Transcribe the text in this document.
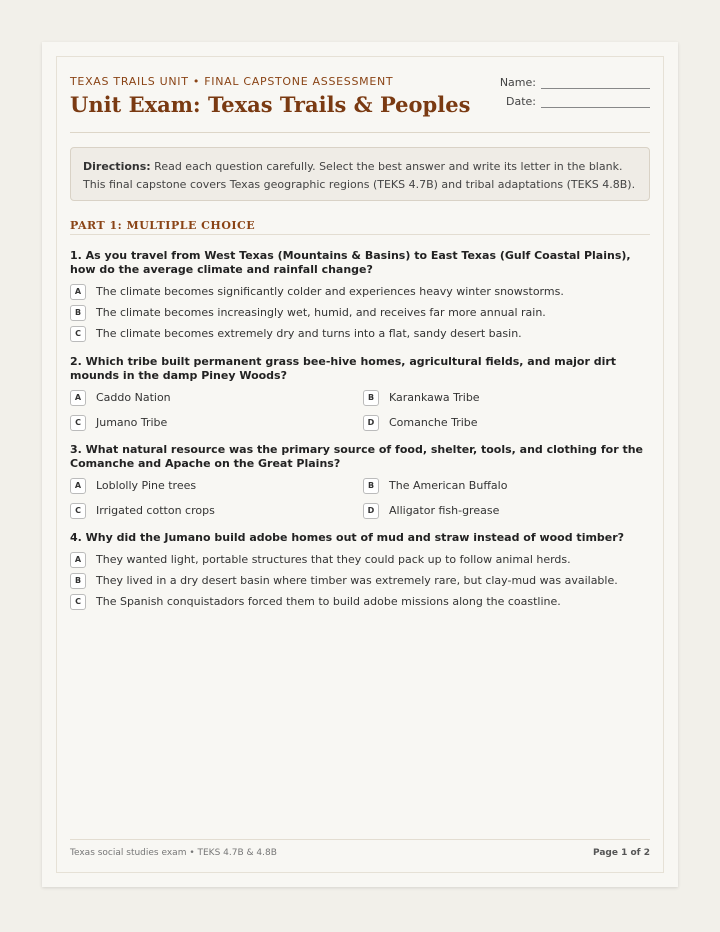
TEXAS TRAILS UNIT • FINAL CAPSTONE ASSESSMENT
Unit Exam: Texas Trails & Peoples
Name:
Date:
Directions: Read each question carefully. Select the best answer and write its letter in the blank. This final capstone covers Texas geographic regions (TEKS 4.7B) and tribal adaptations (TEKS 4.8B).
PART 1: MULTIPLE CHOICE
1. As you travel from West Texas (Mountains & Basins) to East Texas (Gulf Coastal Plains), how do the average climate and rainfall change?
A	The climate becomes significantly colder and experiences heavy winter snowstorms.
B	The climate becomes increasingly wet, humid, and receives far more annual rain.
C	The climate becomes extremely dry and turns into a flat, sandy desert basin.
2. Which tribe built permanent grass bee-hive homes, agricultural fields, and major dirt mounds in the damp Piney Woods?
A	Caddo Nation	B	Karankawa Tribe
C	Jumano Tribe	D	Comanche Tribe
3. What natural resource was the primary source of food, shelter, tools, and clothing for the Comanche and Apache on the Great Plains?
A	Loblolly Pine trees	B	The American Buffalo
C	Irrigated cotton crops	D	Alligator fish-grease
4. Why did the Jumano build adobe homes out of mud and straw instead of wood timber?
A	They wanted light, portable structures that they could pack up to follow animal herds.
B	They lived in a dry desert basin where timber was extremely rare, but clay-mud was available.
C	The Spanish conquistadors forced them to build adobe missions along the coastline.
Texas social studies exam • TEKS 4.7B & 4.8B	Page 1 of 2
